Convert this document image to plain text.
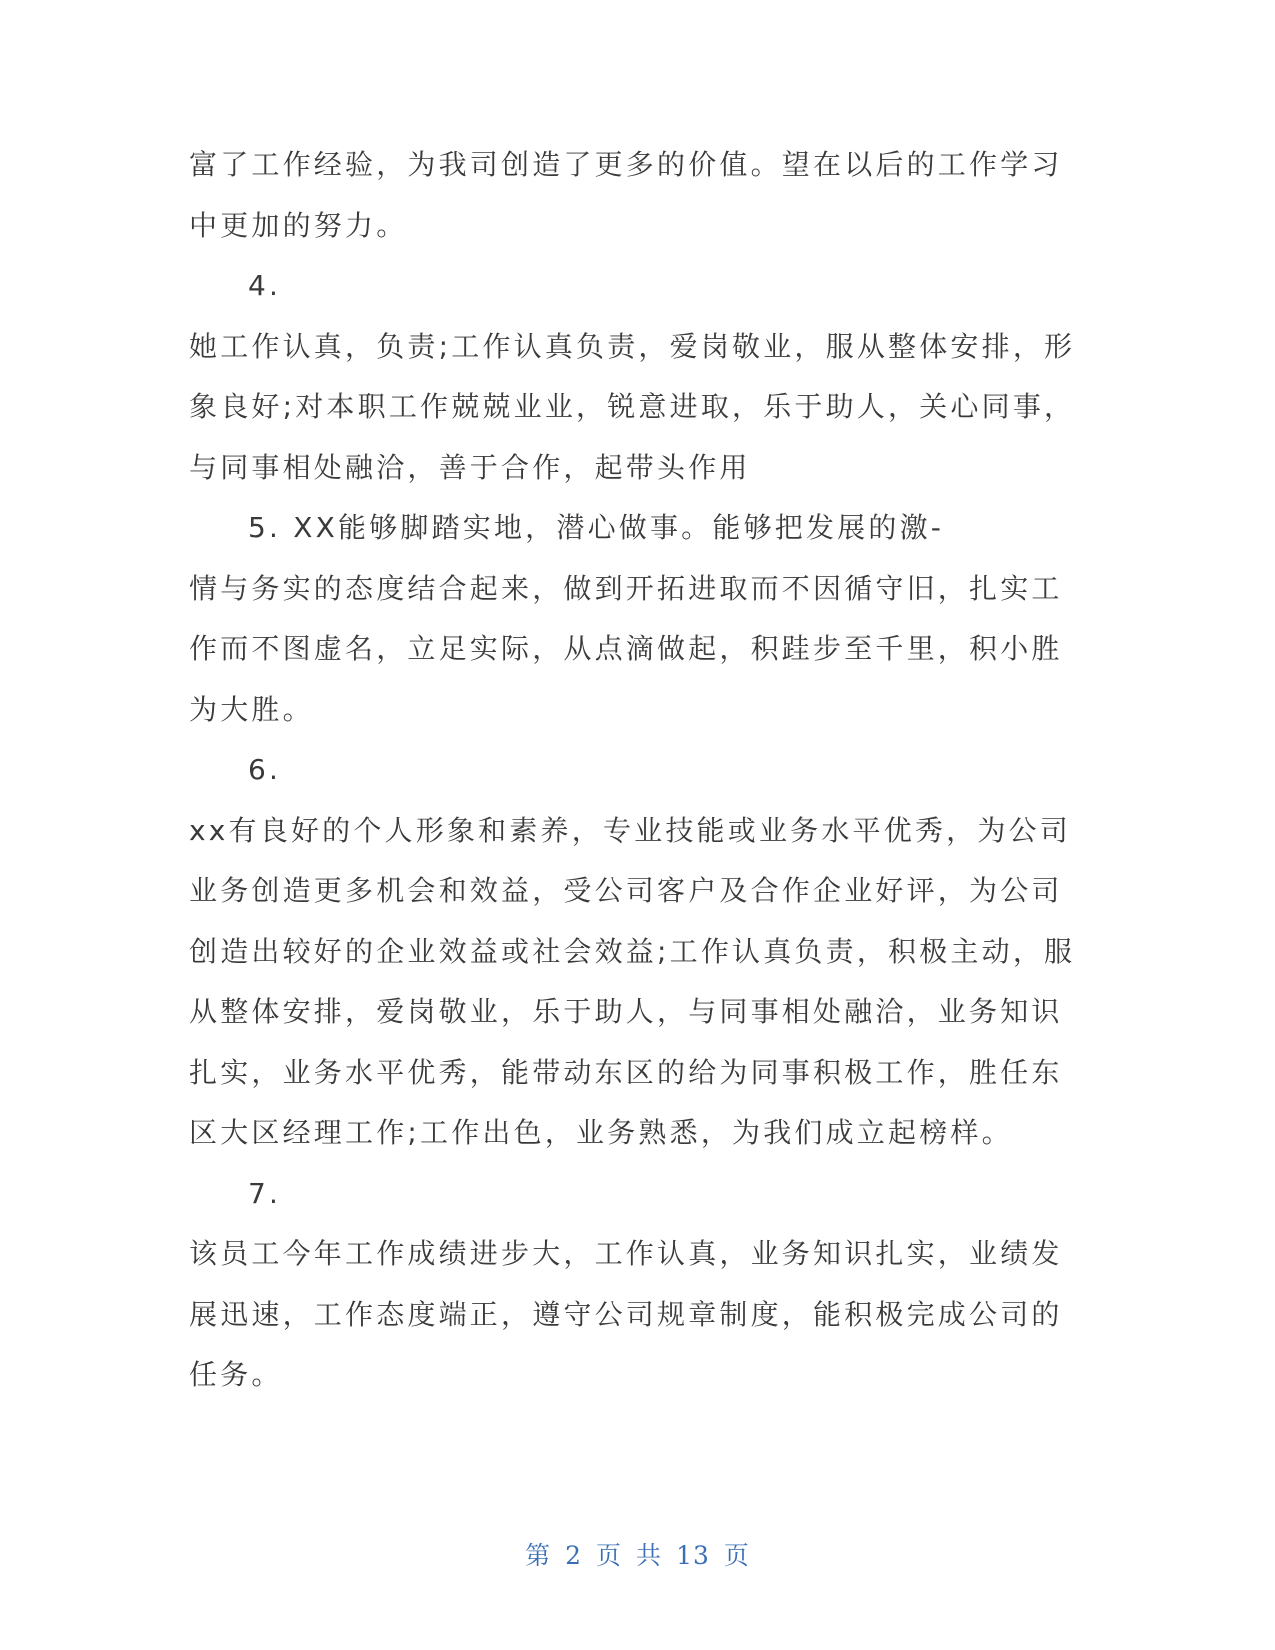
富了工作经验，为我司创造了更多的价值。望在以后的工作学习
中更加的努力。
4.
她工作认真，负责;工作认真负责，爱岗敬业，服从整体安排，形
象良好;对本职工作兢兢业业，锐意进取，乐于助人，关心同事，
与同事相处融洽，善于合作，起带头作用
5. XX能够脚踏实地，潜心做事。能够把发展的激-
情与务实的态度结合起来，做到开拓进取而不因循守旧，扎实工
作而不图虚名，立足实际，从点滴做起，积跬步至千里，积小胜
为大胜。
6.
xx有良好的个人形象和素养，专业技能或业务水平优秀，为公司
业务创造更多机会和效益，受公司客户及合作企业好评，为公司
创造出较好的企业效益或社会效益;工作认真负责，积极主动，服
从整体安排，爱岗敬业，乐于助人，与同事相处融洽，业务知识
扎实，业务水平优秀，能带动东区的给为同事积极工作，胜任东
区大区经理工作;工作出色，业务熟悉，为我们成立起榜样。
7.
该员工今年工作成绩进步大，工作认真，业务知识扎实，业绩发
展迅速，工作态度端正，遵守公司规章制度，能积极完成公司的
任务。
第 2 页 共 13 页
